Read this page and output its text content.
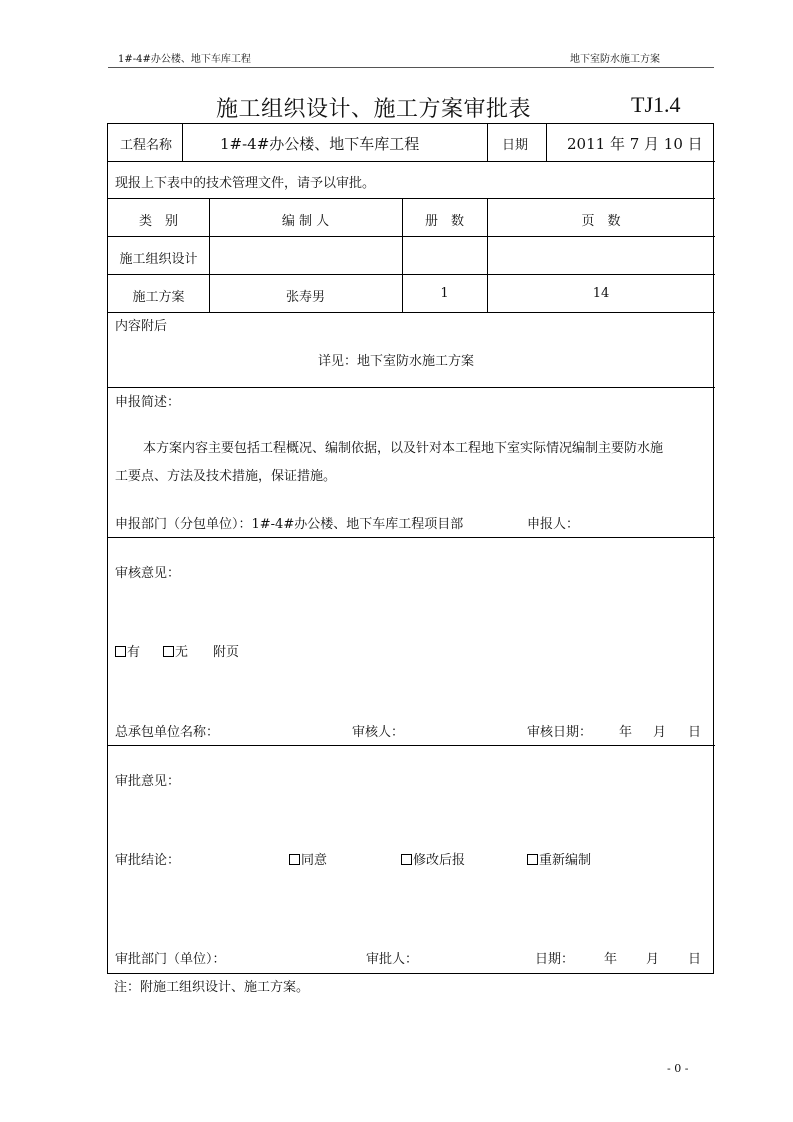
1#-4#办公楼、地下车库工程	地下室防水施工方案
施工组织设计、施工方案审批表	TJ1.4
工程名称	1#-4#办公楼、地下车库工程	日期	2011 年 7 月 10 日
现报上下表中的技术管理文件，请予以审批。
类　别	编 制 人	册　数	页　数
施工组织设计
施工方案	张寿男	1	14
内容附后
详见：地下室防水施工方案
申报简述：
本方案内容主要包括工程概况、编制依据，以及针对本工程地下室实际情况编制主要防水施
工要点、方法及技术措施，保证措施。
申报部门（分包单位）：1#-4#办公楼、地下车库工程项目部	申报人：
审核意见：
有	无 附页
总承包单位名称：	审核人：	审核日期： 年 月 日
审批意见：
审批结论：	同意	修改后报	重新编制
审批部门（单位）：	审批人：	日期： 年 月 日
注：附施工组织设计、施工方案。
- 0 -
